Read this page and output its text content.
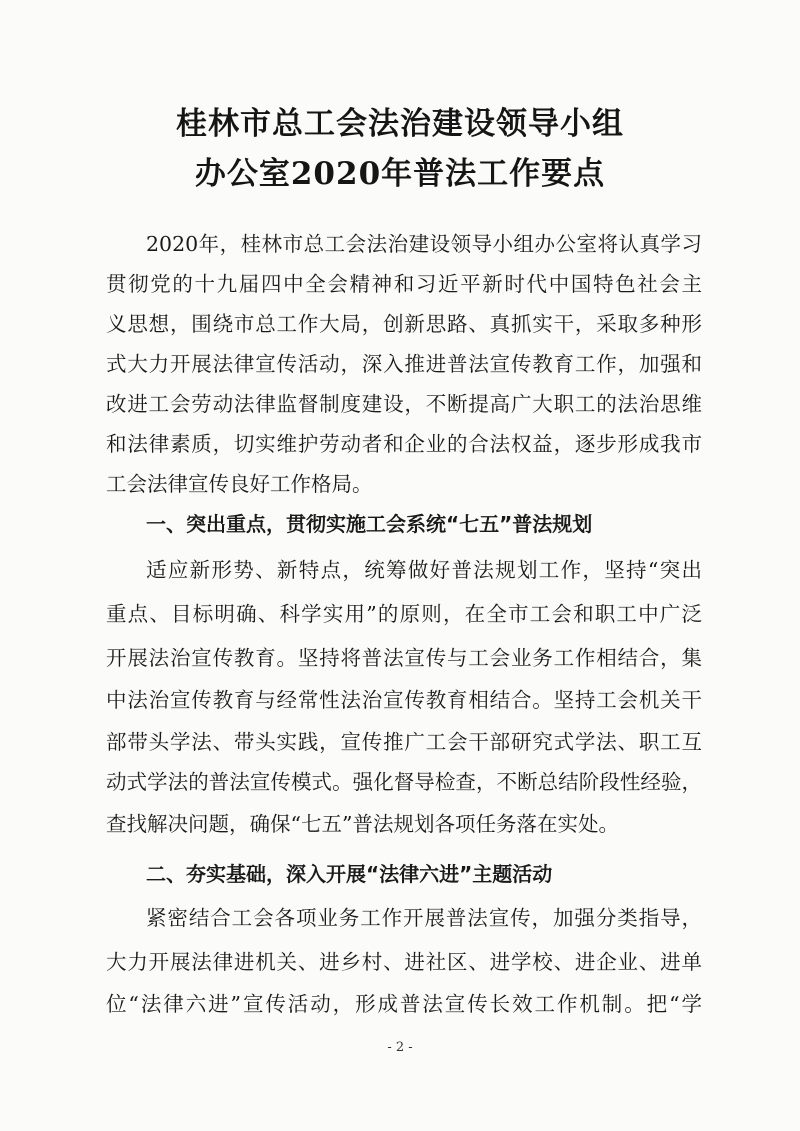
桂林市总工会法治建设领导小组
办公室2020年普法工作要点
2020年，桂林市总工会法治建设领导小组办公室将认真学习
贯彻党的十九届四中全会精神和习近平新时代中国特色社会主
义思想，围绕市总工作大局，创新思路、真抓实干，采取多种形
式大力开展法律宣传活动，深入推进普法宣传教育工作，加强和
改进工会劳动法律监督制度建设，不断提高广大职工的法治思维
和法律素质，切实维护劳动者和企业的合法权益，逐步形成我市
工会法律宣传良好工作格局。
一、突出重点，贯彻实施工会系统“七五”普法规划
适应新形势、新特点，统筹做好普法规划工作，坚持“突出
重点、目标明确、科学实用”的原则，在全市工会和职工中广泛
开展法治宣传教育。坚持将普法宣传与工会业务工作相结合，集
中法治宣传教育与经常性法治宣传教育相结合。坚持工会机关干
部带头学法、带头实践，宣传推广工会干部研究式学法、职工互
动式学法的普法宣传模式。强化督导检查，不断总结阶段性经验，
查找解决问题，确保“七五”普法规划各项任务落在实处。
二、夯实基础，深入开展“法律六进”主题活动
紧密结合工会各项业务工作开展普法宣传，加强分类指导，
大力开展法律进机关、进乡村、进社区、进学校、进企业、进单
位“法律六进”宣传活动，形成普法宣传长效工作机制。把“学
- 2 -
